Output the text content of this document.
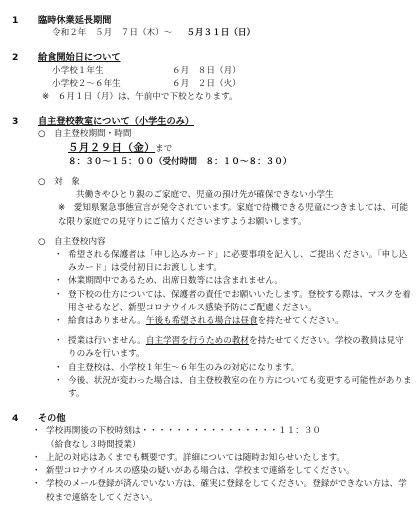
1 臨時休業延長期間
令和２年　５月　７日（木）～ ５月３１日（日）
2 給食開始日について
小学校１年生	６月　８日（月）
小学校２～６年生	６月　２日（火）
※　６月１日（月）は、午前中で下校となります。
3 自主登校教室について（小学生のみ）
○　自主登校期間・時間
５月２９日（金）まで
８：３０～１５：００（受付時間　８：１０～８：３０）
○　対　象
共働きやひとり親のご家庭で、児童の預け先が確保できない小学生
※　愛知県緊急事態宣言が発令されています。家庭で待機できる児童につきましては、可能な限り家庭での見守りにご協力くださいますようお願いします。
○　自主登校内容
・ 希望される保護者は「申し込みカード」に必要事項を記入し、ご提出ください。「申し込みカード」は受付初日にお渡しします。
・ 休業期間中であるため、出席日数等には含まれません。
・ 登下校の仕方については、保護者の責任でお願いいたします。登校する際は、マスクを着用させるなど、新型コロナウイルス感染予防にご配慮ください。
・ 給食はありません。午後も希望される場合は昼食を持たせてください。
・ 授業は行いません。自主学習を行うための教材を持たせてください。学校の教員は見守りのみを行います。
・ 自主登校は、小学校１年生～６年生のみの対応になります。
・ 今後、状況が変わった場合は、自主登校教室の在り方についても変更する可能性があります。
4 その他
・ 学校再開後の下校時刻は・・・・・・・・・・・・・・・・１１：３０
（給食なし３時間授業）
・ 上記の対応はあくまでも概要です。詳細については随時お知らせいたします。
・ 新型コロナウイルスの感染の疑いがある場合は、学校まで連絡をしてください。
・ 学校のメール登録が済んでいない方は、確実に登録をしてください。登録ができない方は、学校まで連絡をしてください。
